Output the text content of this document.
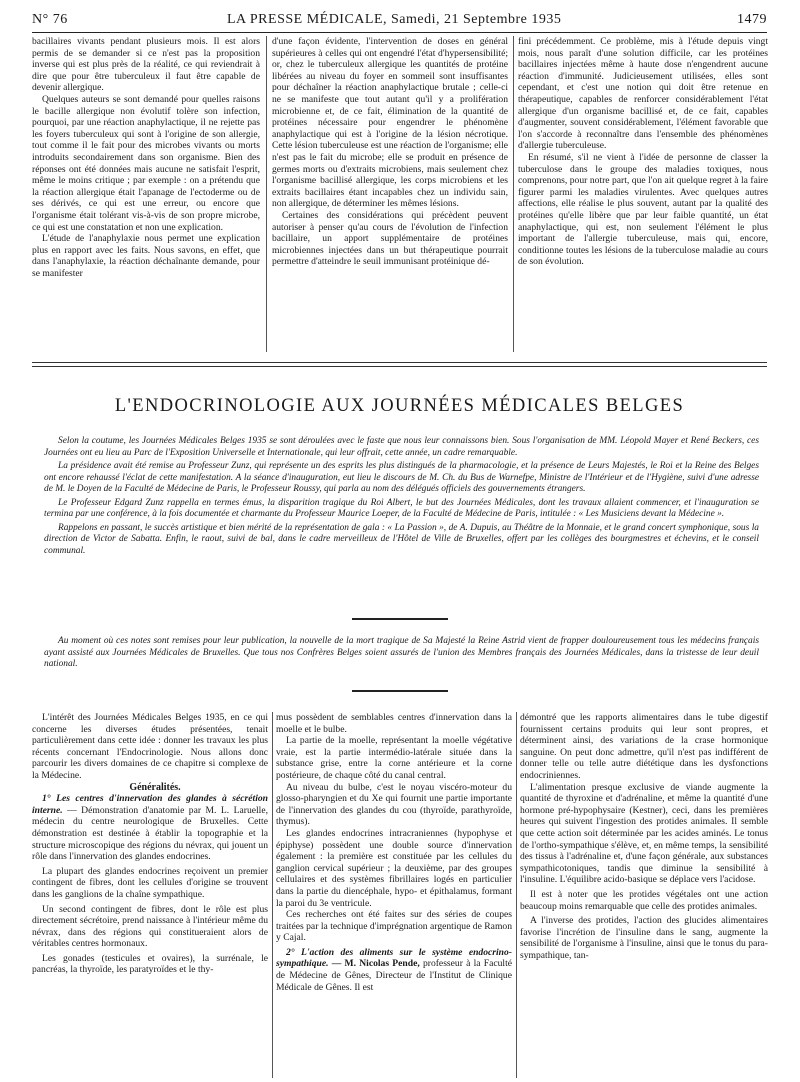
N° 76	LA PRESSE MÉDICALE, Samedi, 21 Septembre 1935	1479

bacillaires vivants pendant plusieurs mois. Il est alors permis de se demander si ce n'est pas la proposition inverse qui est plus près de la réalité, ce qui reviendrait à dire que pour être tuberculeux il faut être capable de devenir allergique.

Quelques auteurs se sont demandé pour quelles raisons le bacille allergique non évolutif tolère son infection, pourquoi, par une réaction anaphylactique, il ne rejette pas les foyers tuberculeux qui sont à l'origine de son allergie, tout comme il le fait pour des microbes vivants ou morts introduits secondairement dans son organisme. Bien des réponses ont été données mais aucune ne satisfait l'esprit, même le moins critique ; par exemple : on a prétendu que la réaction allergique était l'apanage de l'ectoderme ou de ses dérivés, ce qui est une erreur, ou encore que l'organisme était tolérant vis-à-vis de son propre microbe, ce qui est une constatation et non une explication.

L'étude de l'anaphylaxie nous permet une explication plus en rapport avec les faits. Nous savons, en effet, que dans l'anaphylaxie, la réaction déchaînante demande, pour se manifester

d'une façon évidente, l'intervention de doses en général supérieures à celles qui ont engendré l'état d'hypersensibilité; or, chez le tuberculeux allergique les quantités de protéine libérées au niveau du foyer en sommeil sont insuffisantes pour déchaîner la réaction anaphylactique brutale ; celle-ci ne se manifeste que tout autant qu'il y a prolifération microbienne et, de ce fait, élimination de la quantité de protéines nécessaire pour engendrer le phénomène anaphylactique qui est à l'origine de la lésion nécrotique. Cette lésion tuberculeuse est une réaction de l'organisme; elle n'est pas le fait du microbe; elle se produit en présence de germes morts ou d'extraits microbiens, mais seulement chez l'organisme bacillisé allergique, les corps microbiens et les extraits bacillaires étant incapables chez un individu sain, non allergique, de déterminer les mêmes lésions.

Certaines des considérations qui précèdent peuvent autoriser à penser qu'au cours de l'évolution de l'infection bacillaire, un apport supplémentaire de protéines microbiennes injectées dans un but thérapeutique pourrait permettre d'atteindre le seuil immunisant protéinique dé-

fini précédemment. Ce problème, mis à l'étude depuis vingt mois, nous paraît d'une solution difficile, car les protéines bacillaires injectées même à haute dose n'engendrent aucune réaction d'immunité. Judicieusement utilisées, elles sont cependant, et c'est une notion qui doit être retenue en thérapeutique, capables de renforcer considérablement l'état allergique d'un organisme bacillisé et, de ce fait, capables d'augmenter, souvent considérablement, l'élément favorable que l'on s'accorde à reconnaître dans l'ensemble des phénomènes d'allergie tuberculeuse.

En résumé, s'il ne vient à l'idée de personne de classer la tuberculose dans le groupe des maladies toxiques, nous comprenons, pour notre part, que l'on ait quelque regret à la faire figurer parmi les maladies virulentes. Avec quelques autres affections, elle réalise le plus souvent, autant par la qualité des protéines qu'elle libère que par leur faible quantité, un état anaphylactique, qui est, non seulement l'élément le plus important de l'allergie tuberculeuse, mais qui, encore, conditionne toutes les lésions de la tuberculose maladie au cours de son évolution.

L'ENDOCRINOLOGIE AUX JOURNÉES MÉDICALES BELGES

Selon la coutume, les Journées Médicales Belges 1935 se sont déroulées avec le faste que nous leur connaissons bien. Sous l'organisation de MM. Léopold Mayer et René Beckers, ces Journées ont eu lieu au Parc de l'Exposition Universelle et Internationale, qui leur offrait, cette année, un cadre remarquable.

La présidence avait été remise au Professeur Zunz, qui représente un des esprits les plus distingués de la pharmacologie, et la présence de Leurs Majestés, le Roi et la Reine des Belges ont encore rehaussé l'éclat de cette manifestation. A la séance d'inauguration, eut lieu le discours de M. Ch. du Bus de Warnefpe, Ministre de l'Intérieur et de l'Hygiène, suivi d'une adresse de M. le Doyen de la Faculté de Médecine de Paris, le Professeur Roussy, qui parla au nom des délégués officiels des gouvernements étrangers.

Le Professeur Edgard Zunz rappella en termes émus, la disparition tragique du Roi Albert, le but des Journées Médicales, dont les travaux allaient commencer, et l'inauguration se termina par une conférence, à la fois documentée et charmante du Professeur Maurice Loeper, de la Faculté de Médecine de Paris, intitulée : « Les Musiciens devant la Médecine ».

Rappelons en passant, le succès artistique et bien mérité de la représentation de gala : « La Passion », de A. Dupuis, au Théâtre de la Monnaie, et le grand concert symphonique, sous la direction de Victor de Sabatta. Enfin, le raout, suivi de bal, dans le cadre merveilleux de l'Hôtel de Ville de Bruxelles, offert par les collèges des bourgmestres et échevins, et le conseil communal.

Au moment où ces notes sont remises pour leur publication, la nouvelle de la mort tragique de Sa Majesté la Reine Astrid vient de frapper douloureusement tous les médecins français ayant assisté aux Journées Médicales de Bruxelles. Que tous nos Confrères Belges soient assurés de l'union des Membres français des Journées Médicales, dans la tristesse de leur deuil national.

L'intérêt des Journées Médicales Belges 1935, en ce qui concerne les diverses études présentées, tenait particulièrement dans cette idée : donner les travaux les plus récents concernant l'Endocrinologie. Nous allons donc parcourir les divers domaines de ce chapitre si complexe de la Médecine.

Généralités.

1° Les centres d'innervation des glandes à sécrétion interne. — Démonstration d'anatomie par M. L. Laruelle, médecin du centre neurologique de Bruxelles. Cette démonstration est destinée à établir la topographie et la structure microscopique des régions du névrax, qui jouent un rôle dans l'innervation des glandes endocrines.

La plupart des glandes endocrines reçoivent un premier contingent de fibres, dont les cellules d'origine se trouvent dans les ganglions de la chaîne sympathique.

Un second contingent de fibres, dont le rôle est plus directement sécrétoire, prend naissance à l'intérieur même du névrax, dans des régions qui constitueraient alors de véritables centres hormonaux.

Les gonades (testicules et ovaires), la surrénale, le pancréas, la thyroïde, les paratyroïdes et le thy-

mus possèdent de semblables centres d'innervation dans la moelle et le bulbe.

La partie de la moelle, représentant la moelle végétative vraie, est la partie intermédio-latérale située dans la substance grise, entre la corne antérieure et la corne postérieure, de chaque côté du canal central.

Au niveau du bulbe, c'est le noyau viscéro-moteur du glosso-pharyngien et du Xe qui fournit une partie importante de l'innervation des glandes du cou (thyroïde, parathyroïde, thymus).

Les glandes endocrines intracraniennes (hypophyse et épiphyse) possèdent une double source d'innervation également : la première est constituée par les cellules du ganglion cervical supérieur ; la deuxième, par des groupes cellulaires et des systèmes fibrillaires logés en particulier dans la partie du diencéphale, hypo- et épithalamus, formant la paroi du 3e ventricule.

Ces recherches ont été faites sur des séries de coupes traitées par la technique d'imprégnation argentique de Ramon y Cajal.

2° L'action des aliments sur le système endocrino-sympathique. — M. Nicolas Pende, professeur à la Faculté de Médecine de Gênes, Directeur de l'Institut de Clinique Médicale de Gênes. Il est

démontré que les rapports alimentaires dans le tube digestif fournissent certains produits qui leur sont propres, et déterminent ainsi, des variations de la crase hormonique sanguine. On peut donc admettre, qu'il n'est pas indifférent de donner telle ou telle autre diététique dans les dysfonctions endocriniennes.

L'alimentation presque exclusive de viande augmente la quantité de thyroxine et d'adrénaline, et même la quantité d'une hormone pré-hypophysaire (Kestner), ceci, dans les premières heures qui suivent l'ingestion des protides animales. Il semble que cette action soit déterminée par les acides aminés. Le tonus de l'ortho-sympathique s'élève, et, en même temps, la sensibilité des tissus à l'adrénaline et, d'une façon générale, aux substances sympathicotoniques, tandis que diminue la sensibilité à l'insuline. L'équilibre acido-basique se déplace vers l'acidose.

Il est à noter que les protides végétales ont une action beaucoup moins remarquable que celle des protides animales.

A l'inverse des protides, l'action des glucides alimentaires favorise l'incrétion de l'insuline dans le sang, augmente la sensibilité de l'organisme à l'insuline, ainsi que le tonus du para-sympathique, tan-
